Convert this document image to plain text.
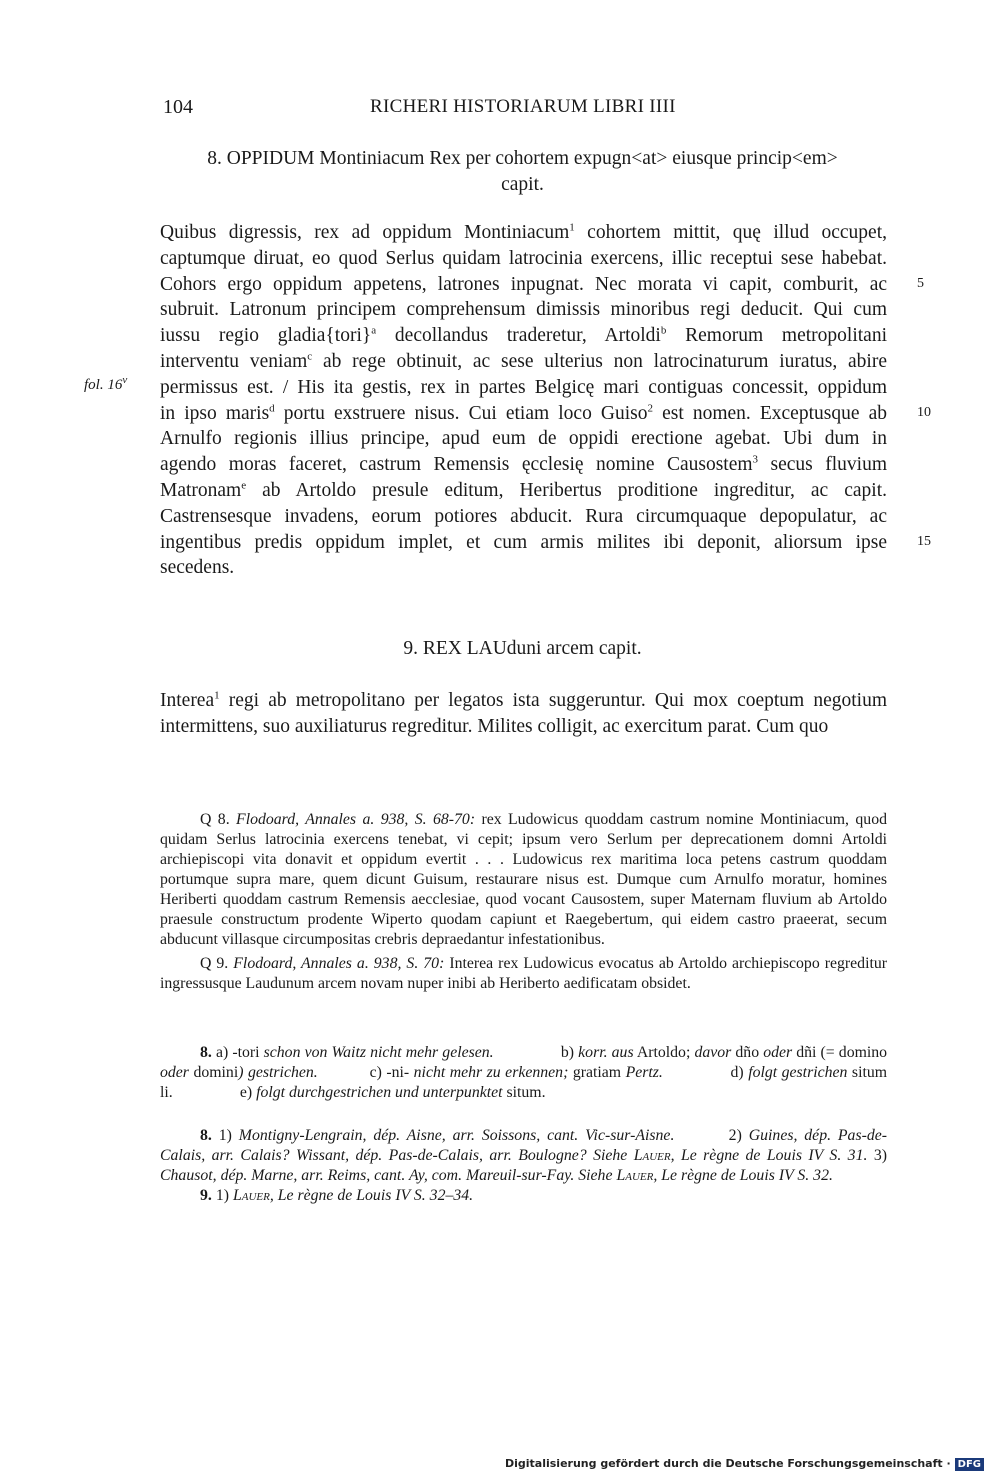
104	RICHERI HISTORIARUM LIBRI IIII
8. OPPIDUM Montiniacum Rex per cohortem expugn<at> eiusque princip<em>
capit.
Quibus digressis, rex ad oppidum Montiniacum$^1$ cohortem mittit, quę illud occupet,
captumque diruat, eo quod Serlus quidam latrocinia exercens, illic receptui sese habebat.
Cohors ergo oppidum appetens, latrones inpugnat. Nec morata vi capit, comburit, ac
subruit. Latronum principem comprehensum dimissis minoribus regi deducit. Qui cum
iussu regio gladia{tori}$^a$ decollandus traderetur, Artoldi$^b$ Remorum metropolitani
interventu veniam$^c$ ab rege obtinuit, ac sese ulterius non latrocinaturum iuratus, abire
permissus est. / His ita gestis, rex in partes Belgicę mari contiguas concessit, oppidum
in ipso maris$^d$ portu exstruere nisus. Cui etiam loco Guiso$^2$ est nomen. Exceptusque ab
Arnulfo regionis illius principe, apud eum de oppidi erectione agebat. Ubi dum in
agendo moras faceret, castrum Remensis ęcclesię nomine Causostem$^3$ secus fluvium
Matronam$^e$ ab Artoldo presule editum, Heribertus proditione ingreditur, ac capit.
Castrensesque invadens, eorum potiores abducit. Rura circumquaque depopulatur, ac
ingentibus predis oppidum implet, et cum armis milites ibi deponit, aliorsum ipse
secedens.
5
10
15
fol. 16$^v$
9. REX LAUduni arcem capit.
Interea$^1$ regi ab metropolitano per legatos ista suggeruntur. Qui mox coeptum negotium
intermittens, suo auxiliaturus regreditur. Milites colligit, ac exercitum parat. Cum quo

Q 8. Flodoard, Annales a. 938, S. 68-70: rex Ludowicus quoddam castrum nomine Montiniacum, quod quidam Serlus latrocinia exercens tenebat, vi cepit; ipsum vero Serlum per deprecationem domni Artoldi archiepiscopi vita donavit et oppidum evertit . . . Ludowicus rex maritima loca petens castrum quoddam portumque supra mare, quem dicunt Guisum, restaurare nisus est. Dumque cum Arnulfo moratur, homines Heriberti quoddam castrum Remensis aecclesiae, quod vocant Causostem, super Maternam fluvium ab Artoldo praesule constructum prodente Wiperto quodam capiunt et Raegebertum, qui eidem castro praeerat, secum abducunt villasque circumpositas crebris depraedantur infestationibus.

Q 9. Flodoard, Annales a. 938, S. 70: Interea rex Ludowicus evocatus ab Artoldo archiepiscopo regreditur ingressusque Laudunum arcem novam nuper inibi ab Heriberto aedificatam obsidet.

8. a) -tori schon von Waitz nicht mehr gelesen.    	b) korr. aus Artoldo; davor dño oder dñi (= domino oder domini) gestrichen.   	c) -ni- nicht mehr zu erkennen; gratiam Pertz.    	d) folgt gestrichen situm li.    	e) folgt durchgestrichen und unterpunktet situm.

8. 1) Montigny-Lengrain, dép. Aisne, arr. Soissons, cant. Vic-sur-Aisne.   	2) Guines, dép. Pas-de-Calais, arr. Calais? Wissant, dép. Pas-de-Calais, arr. Boulogne? Siehe Lauer, Le règne de Louis IV S. 31. 3) Chausot, dép. Marne, arr. Reims, cant. Ay, com. Mareuil-sur-Fay. Siehe Lauer, Le règne de Louis IV S. 32.

9. 1) Lauer, Le règne de Louis IV S. 32–34.

Digitalisierung gefördert durch die Deutsche Forschungsgemeinschaft · DFG
